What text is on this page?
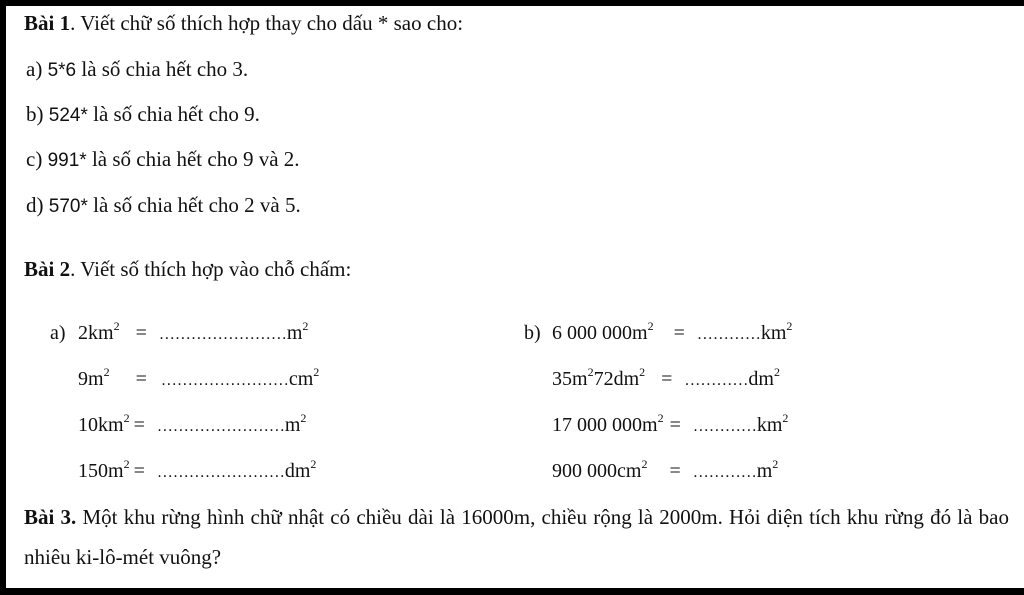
Bài 1. Viết chữ số thích hợp thay cho dấu * sao cho:
a) 5*6 là số chia hết cho 3.
b) 524* là số chia hết cho 9.
c) 991* là số chia hết cho 9 và 2.
d) 570* là số chia hết cho 2 và 5.
Bài 2. Viết số thích hợp vào chỗ chấm:
a) $2km^2$ = $\dots\dots\dots\dots\dots\dots\dots\dots m^2$
$9m^2$ = $\dots\dots\dots\dots\dots\dots\dots\dots cm^2$
$10km^2$ = $\dots\dots\dots\dots\dots\dots\dots\dots m^2$
$150m^2$ = $\dots\dots\dots\dots\dots\dots\dots\dots dm^2$
b) 6 000 $000m^2$ = $\dots\dots\dots\dots km^2$
$35m^272dm^2$ = $\dots\dots\dots\dots dm^2$
17 000 $000m^2$ = $\dots\dots\dots\dots km^2$
900 $000cm^2$ = $\dots\dots\dots\dots m^2$
Bài 3. Một khu rừng hình chữ nhật có chiều dài là 16000m, chiều rộng là 2000m. Hỏi diện tích khu rừng đó là bao nhiêu ki-lô-mét vuông?
